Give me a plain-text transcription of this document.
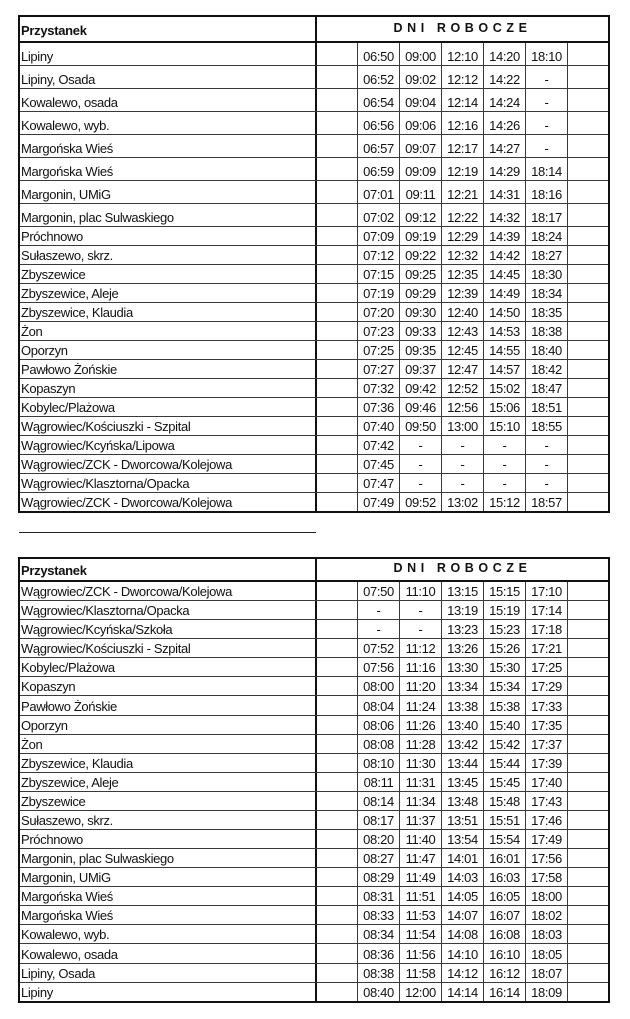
Przystanek	DNI ROBOCZE
Lipiny	06:50 09:00 12:10 14:20 18:10
Lipiny, Osada	06:52 09:02 12:12 14:22	-
Kowalewo, osada	06:54 09:04 12:14 14:24	-
Kowalewo, wyb.	06:56 09:06 12:16 14:26	-
Margońska Wieś	06:57 09:07 12:17 14:27	-
Margońska Wieś	06:59 09:09 12:19 14:29 18:14
Margonin, UMiG	07:01 09:11 12:21 14:31 18:16
Margonin, plac Sulwaskiego	07:02 09:12 12:22 14:32 18:17
Próchnowo	07:09 09:19 12:29 14:39 18:24
Sułaszewo, skrz.	07:12 09:22 12:32 14:42 18:27
Zbyszewice	07:15 09:25 12:35 14:45 18:30
Zbyszewice, Aleje	07:19 09:29 12:39 14:49 18:34
Zbyszewice, Klaudia	07:20 09:30 12:40 14:50 18:35
Żon	07:23 09:33 12:43 14:53 18:38
Oporzyn	07:25 09:35 12:45 14:55 18:40
Pawłowo Żońskie	07:27 09:37 12:47 14:57 18:42
Kopaszyn	07:32 09:42 12:52 15:02 18:47
Kobylec/Plażowa	07:36 09:46 12:56 15:06 18:51
Wągrowiec/Kościuszki - Szpital	07:40 09:50 13:00 15:10 18:55
Wągrowiec/Kcyńska/Lipowa	07:42	-	-	-	-
Wągrowiec/ZCK - Dworcowa/Kolejowa	07:45	-	-	-	-
Wągrowiec/Klasztorna/Opacka	07:47	-	-	-	-
Wągrowiec/ZCK - Dworcowa/Kolejowa	07:49 09:52 13:02 15:12 18:57
Przystanek	DNI ROBOCZE
Wągrowiec/ZCK - Dworcowa/Kolejowa	07:50 11:10 13:15 15:15 17:10
Wągrowiec/Klasztorna/Opacka	-	-	13:19 15:19 17:14
Wągrowiec/Kcyńska/Szkoła	-	-	13:23 15:23 17:18
Wągrowiec/Kościuszki - Szpital	07:52 11:12 13:26 15:26 17:21
Kobylec/Plażowa	07:56 11:16 13:30 15:30 17:25
Kopaszyn	08:00 11:20 13:34 15:34 17:29
Pawłowo Żońskie	08:04 11:24 13:38 15:38 17:33
Oporzyn	08:06 11:26 13:40 15:40 17:35
Żon	08:08 11:28 13:42 15:42 17:37
Zbyszewice, Klaudia	08:10 11:30 13:44 15:44 17:39
Zbyszewice, Aleje	08:11 11:31 13:45 15:45 17:40
Zbyszewice	08:14 11:34 13:48 15:48 17:43
Sułaszewo, skrz.	08:17 11:37 13:51 15:51 17:46
Próchnowo	08:20 11:40 13:54 15:54 17:49
Margonin, plac Sulwaskiego	08:27 11:47 14:01 16:01 17:56
Margonin, UMiG	08:29 11:49 14:03 16:03 17:58
Margońska Wieś	08:31 11:51 14:05 16:05 18:00
Margońska Wieś	08:33 11:53 14:07 16:07 18:02
Kowalewo, wyb.	08:34 11:54 14:08 16:08 18:03
Kowalewo, osada	08:36 11:56 14:10 16:10 18:05
Lipiny, Osada	08:38 11:58 14:12 16:12 18:07
Lipiny	08:40 12:00 14:14 16:14 18:09
